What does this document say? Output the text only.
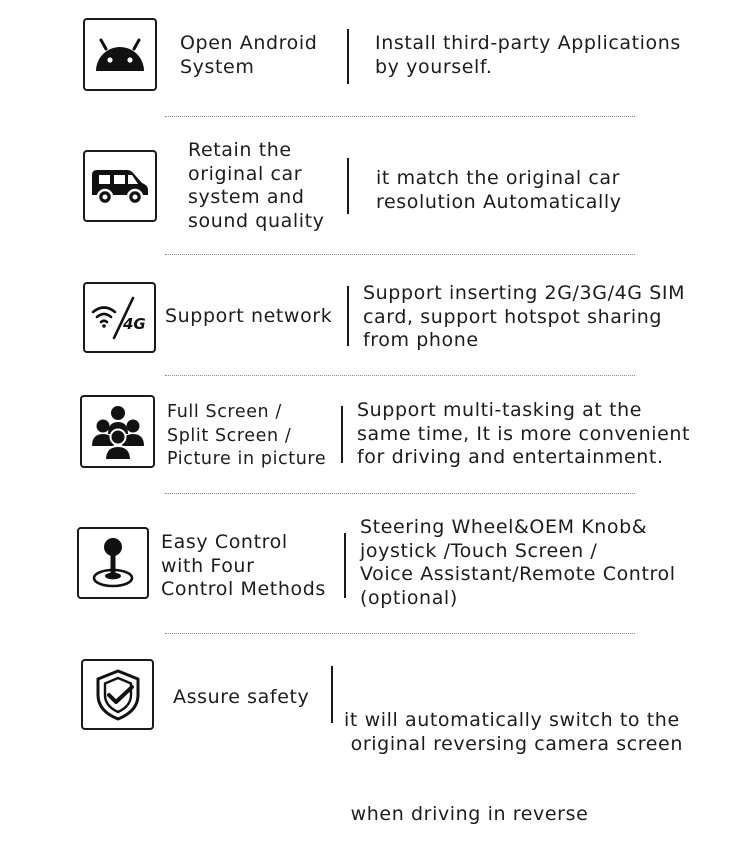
Open Android
System
Install third-party Applications
by yourself.
Retain the
original car
system and
sound quality
it match the original car
resolution Automatically
4G Support network
Support inserting 2G/3G/4G SIM
card, support hotspot sharing
from phone
Full Screen /
Split Screen /
Picture in picture
Support multi-tasking at the
same time, It is more convenient
for driving and entertainment.
Easy Control
with Four
Control Methods
Steering Wheel&OEM Knob&
joystick /Touch Screen /
Voice Assistant/Remote Control
(optional)
Assure safety

it will automatically switch to the
original reversing camera screen

when driving in reverse
